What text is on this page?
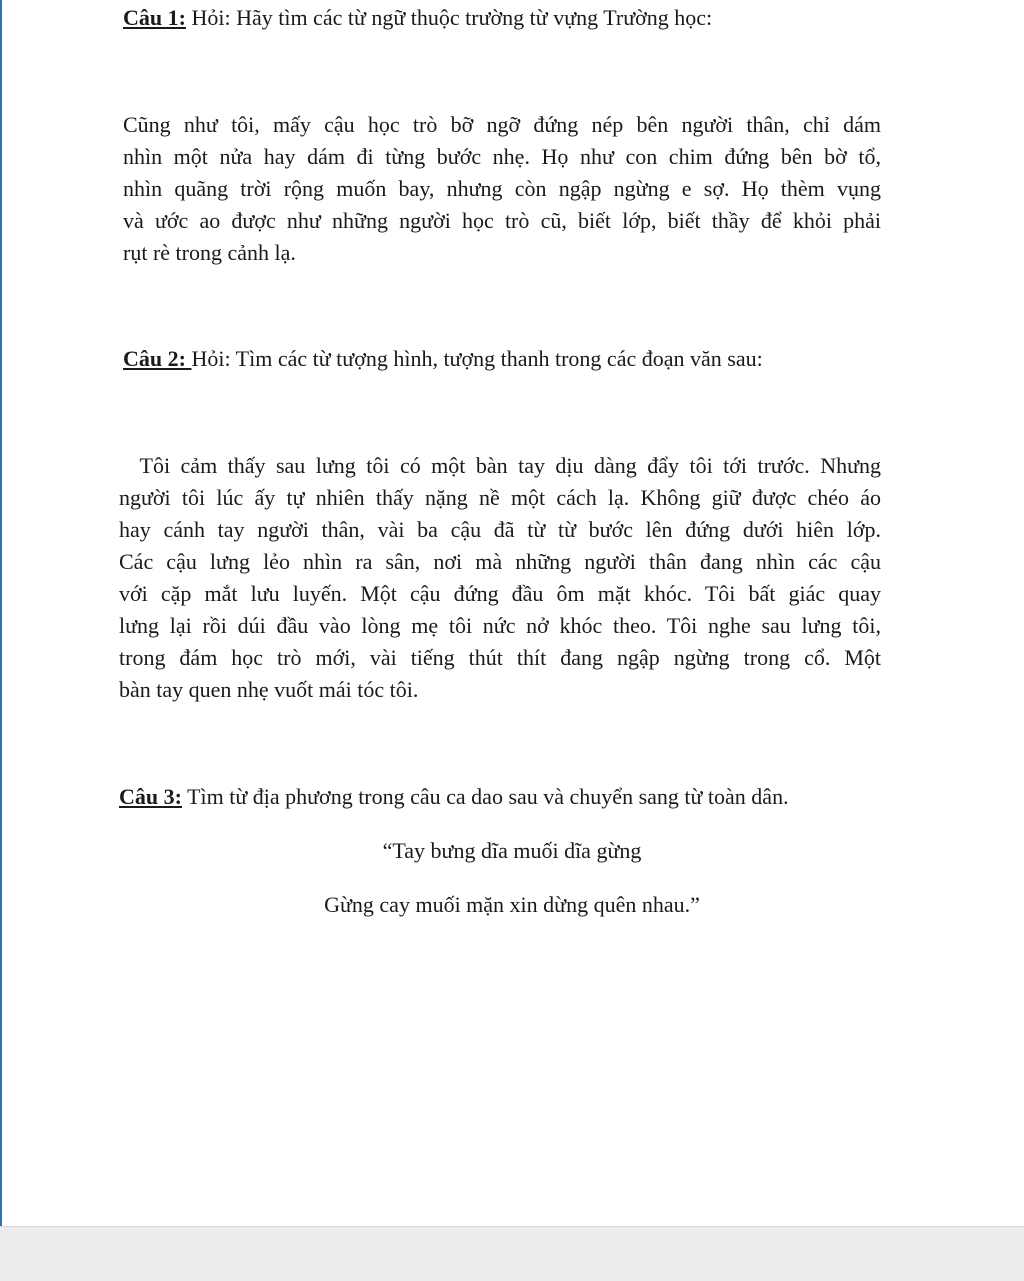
Câu 1: Hỏi: Hãy tìm các từ ngữ thuộc trường từ vựng Trường học:
Cũng như tôi, mấy cậu học trò bỡ ngỡ đứng nép bên người thân, chỉ dám
nhìn một nửa hay dám đi từng bước nhẹ. Họ như con chim đứng bên bờ tổ,
nhìn quãng trời rộng muốn bay, nhưng còn ngập ngừng e sợ. Họ thèm vụng
và ước ao được như những người học trò cũ, biết lớp, biết thầy để khỏi phải
rụt rè trong cảnh lạ.
Câu 2: Hỏi: Tìm các từ tượng hình, tượng thanh trong các đoạn văn sau:
Tôi cảm thấy sau lưng tôi có một bàn tay dịu dàng đẩy tôi tới trước. Nhưng
người tôi lúc ấy tự nhiên thấy nặng nề một cách lạ. Không giữ được chéo áo
hay cánh tay người thân, vài ba cậu đã từ từ bước lên đứng dưới hiên lớp.
Các cậu lưng lẻo nhìn ra sân, nơi mà những người thân đang nhìn các cậu
với cặp mắt lưu luyến. Một cậu đứng đầu ôm mặt khóc. Tôi bất giác quay
lưng lại rồi dúi đầu vào lòng mẹ tôi nức nở khóc theo. Tôi nghe sau lưng tôi,
trong đám học trò mới, vài tiếng thút thít đang ngập ngừng trong cổ. Một
bàn tay quen nhẹ vuốt mái tóc tôi.
Câu 3: Tìm từ địa phương trong câu ca dao sau và chuyển sang từ toàn dân.
“Tay bưng dĩa muối dĩa gừng
Gừng cay muối mặn xin dừng quên nhau.”
